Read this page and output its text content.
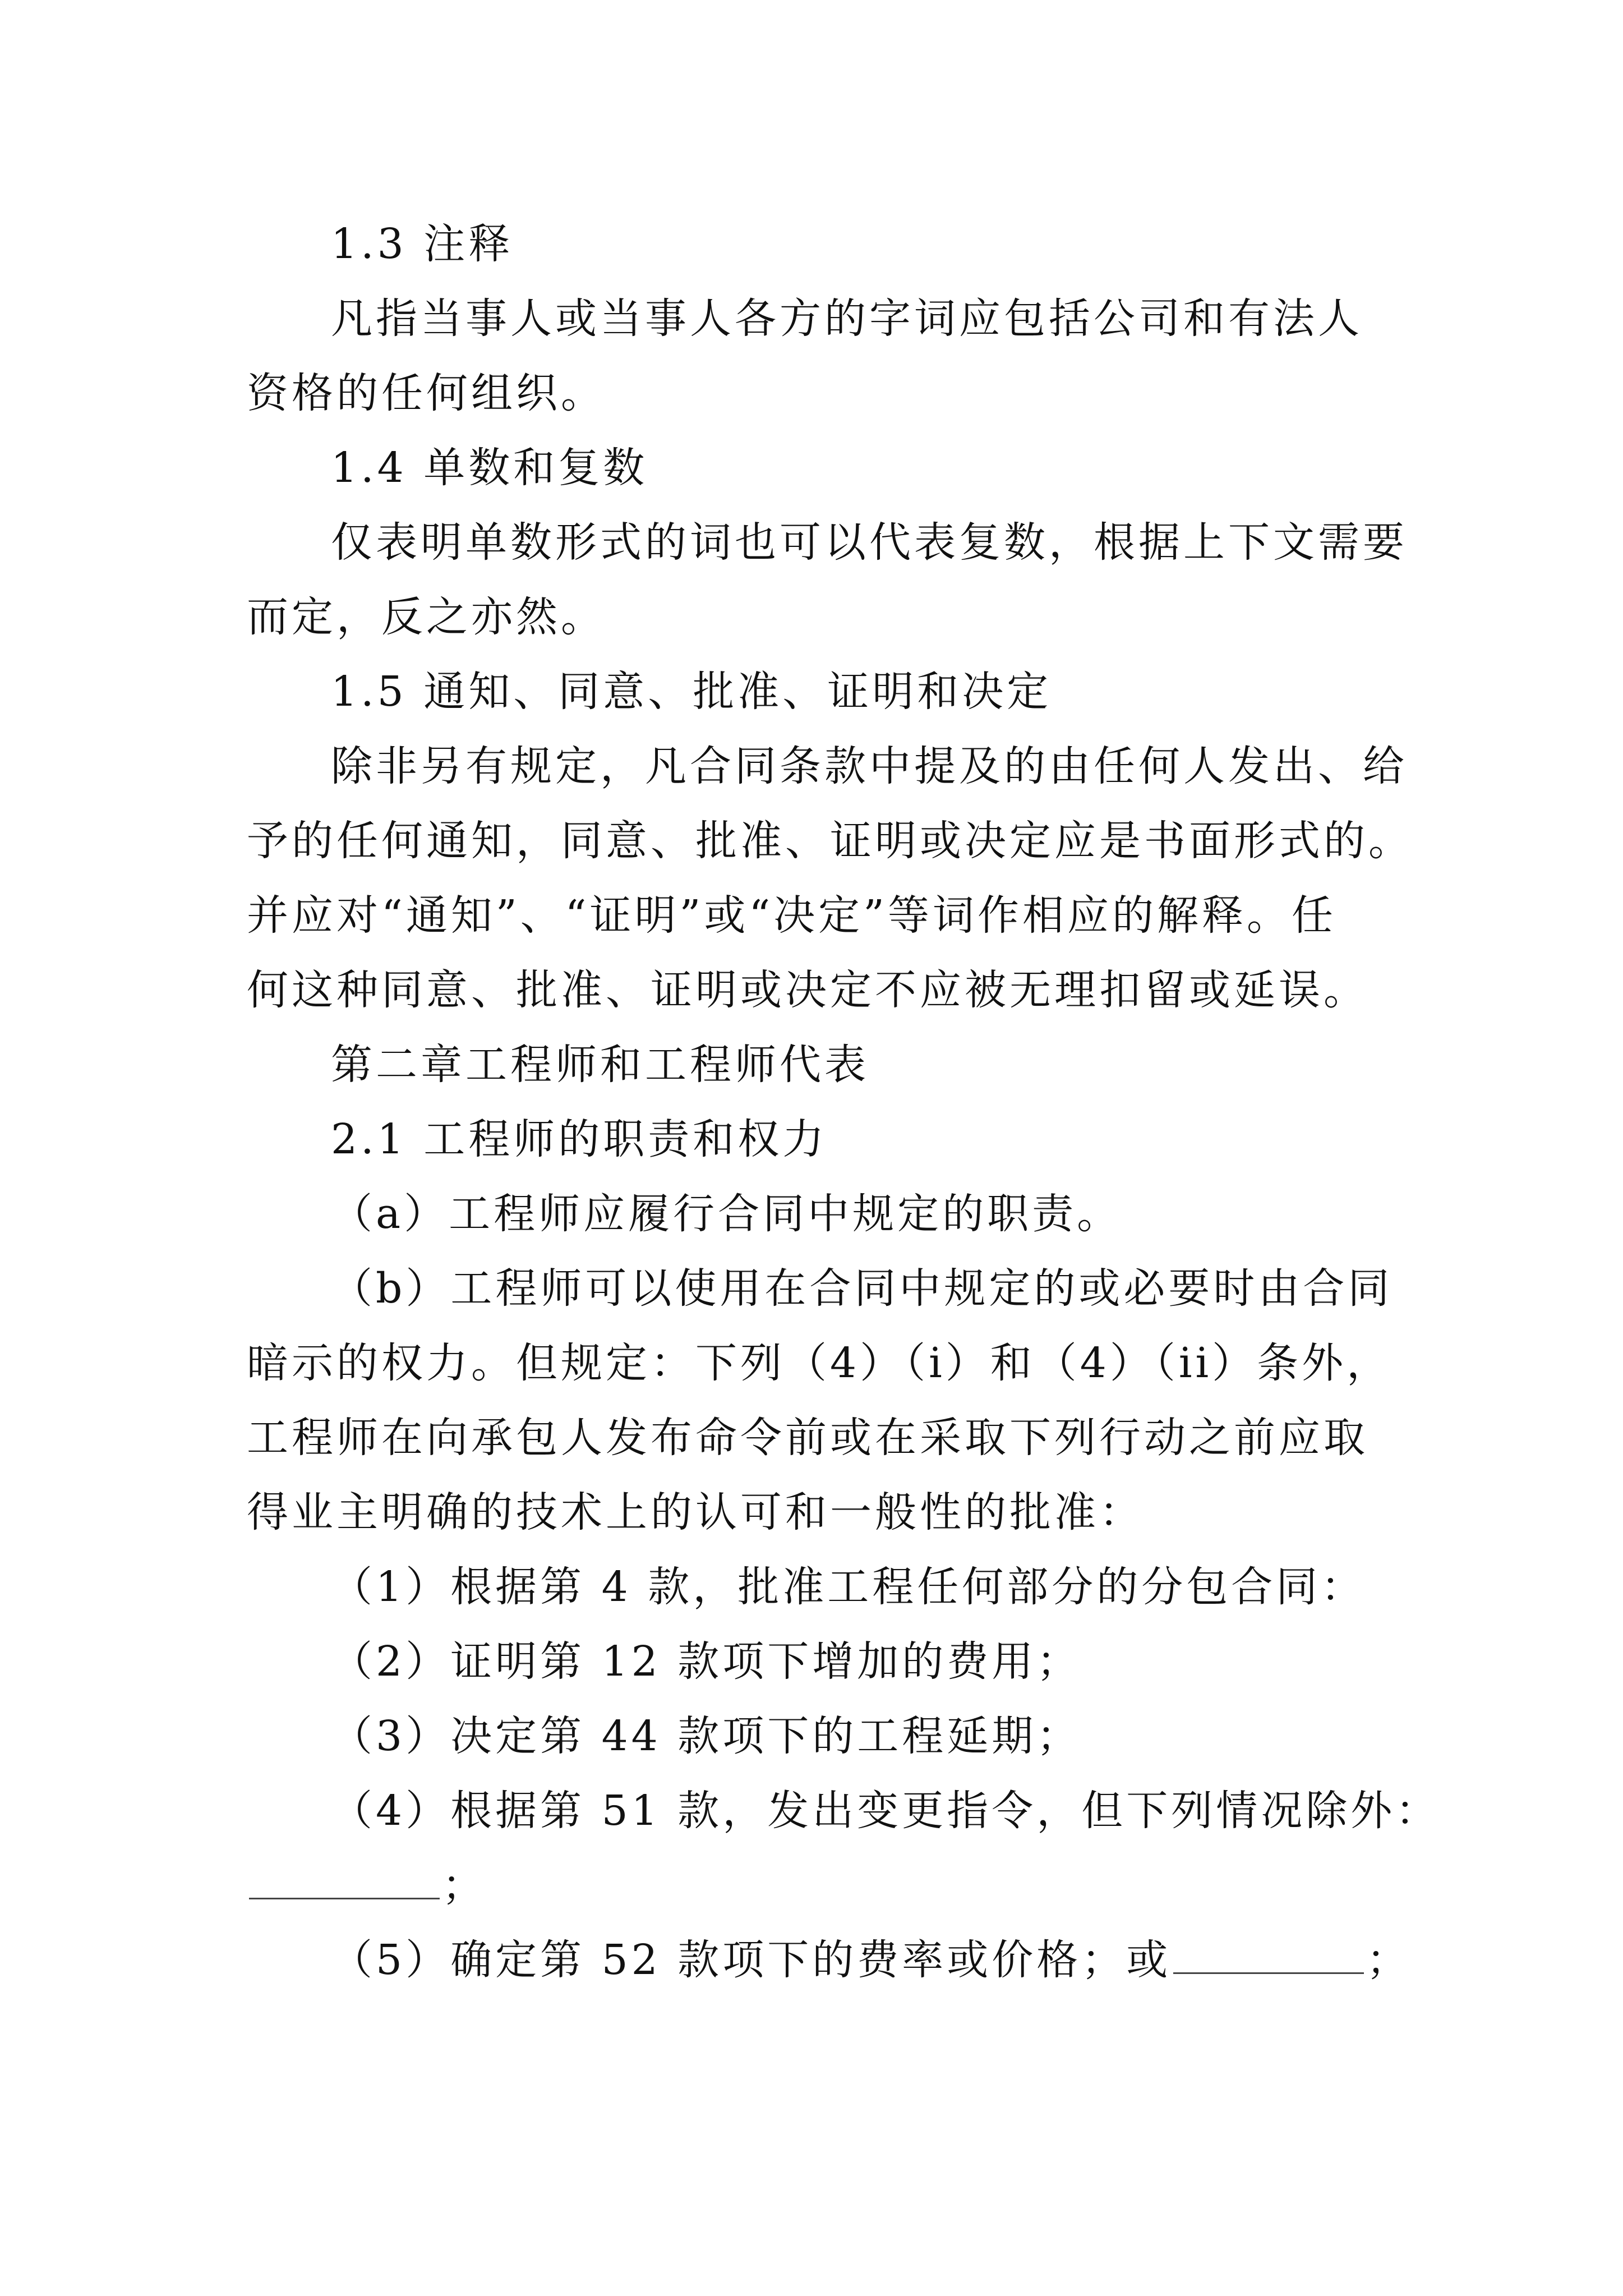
1.3 注释
凡指当事人或当事人各方的字词应包括公司和有法人
资格的任何组织。
1.4 单数和复数
仅表明单数形式的词也可以代表复数，根据上下文需要
而定，反之亦然。
1.5 通知、同意、批准、证明和决定
除非另有规定，凡合同条款中提及的由任何人发出、给
予的任何通知，同意、批准、证明或决定应是书面形式的。
并应对“通知”、“证明”或“决定”等词作相应的解释。任
何这种同意、批准、证明或决定不应被无理扣留或延误。
第二章工程师和工程师代表
2.1 工程师的职责和权力
（a）工程师应履行合同中规定的职责。
（b）工程师可以使用在合同中规定的或必要时由合同
暗示的权力。但规定：下列（4）（i）和（4）（ii）条外，
工程师在向承包人发布命令前或在采取下列行动之前应取
得业主明确的技术上的认可和一般性的批准：
（1）根据第 4 款，批准工程任何部分的分包合同：
（2）证明第 12 款项下增加的费用；
（3）决定第 44 款项下的工程延期；
（4）根据第 51 款，发出变更指令，但下列情况除外：
；
（5）确定第 52 款项下的费率或价格；或	；
